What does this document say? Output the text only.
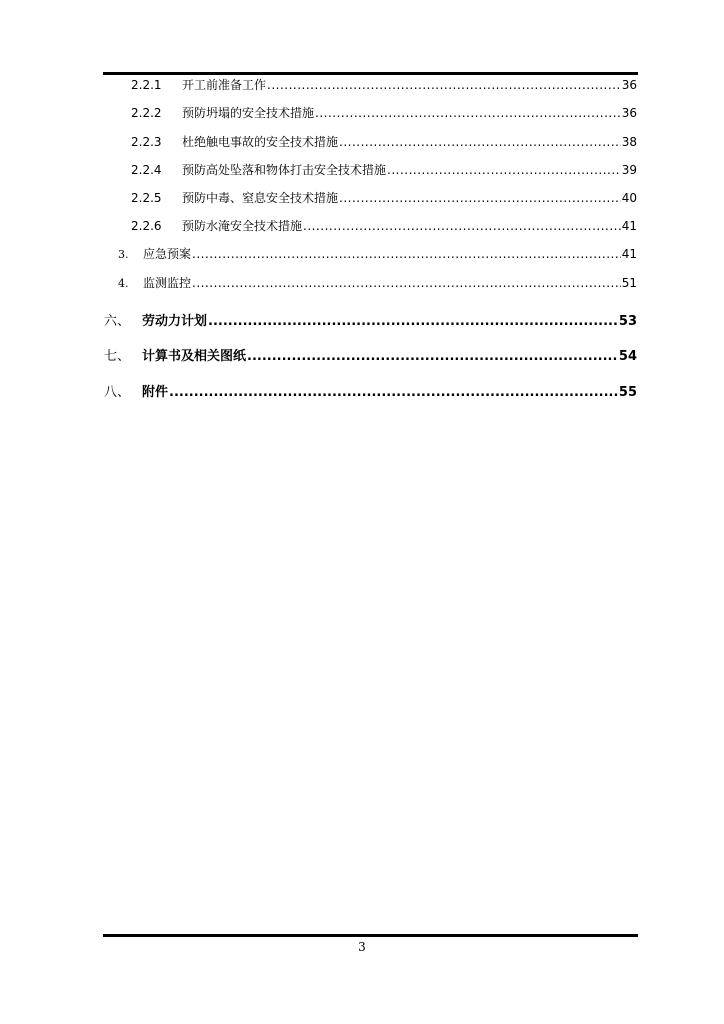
2.2.1	开工前准备工作 .....	36
2.2.2	预防坍塌的安全技术措施 .....	36
2.2.3	杜绝触电事故的安全技术措施 .....	38
2.2.4	预防高处坠落和物体打击安全技术措施 .....	39
2.2.5	预防中毒、窒息安全技术措施 .....	40
2.2.6	预防水淹安全技术措施 .....	41
3.	应急预案 .....	41
4.	监测监控 .....	51
六、 劳动力计划 .....	53
七、 计算书及相关图纸 .....	54
八、 附件 .....	55
3
